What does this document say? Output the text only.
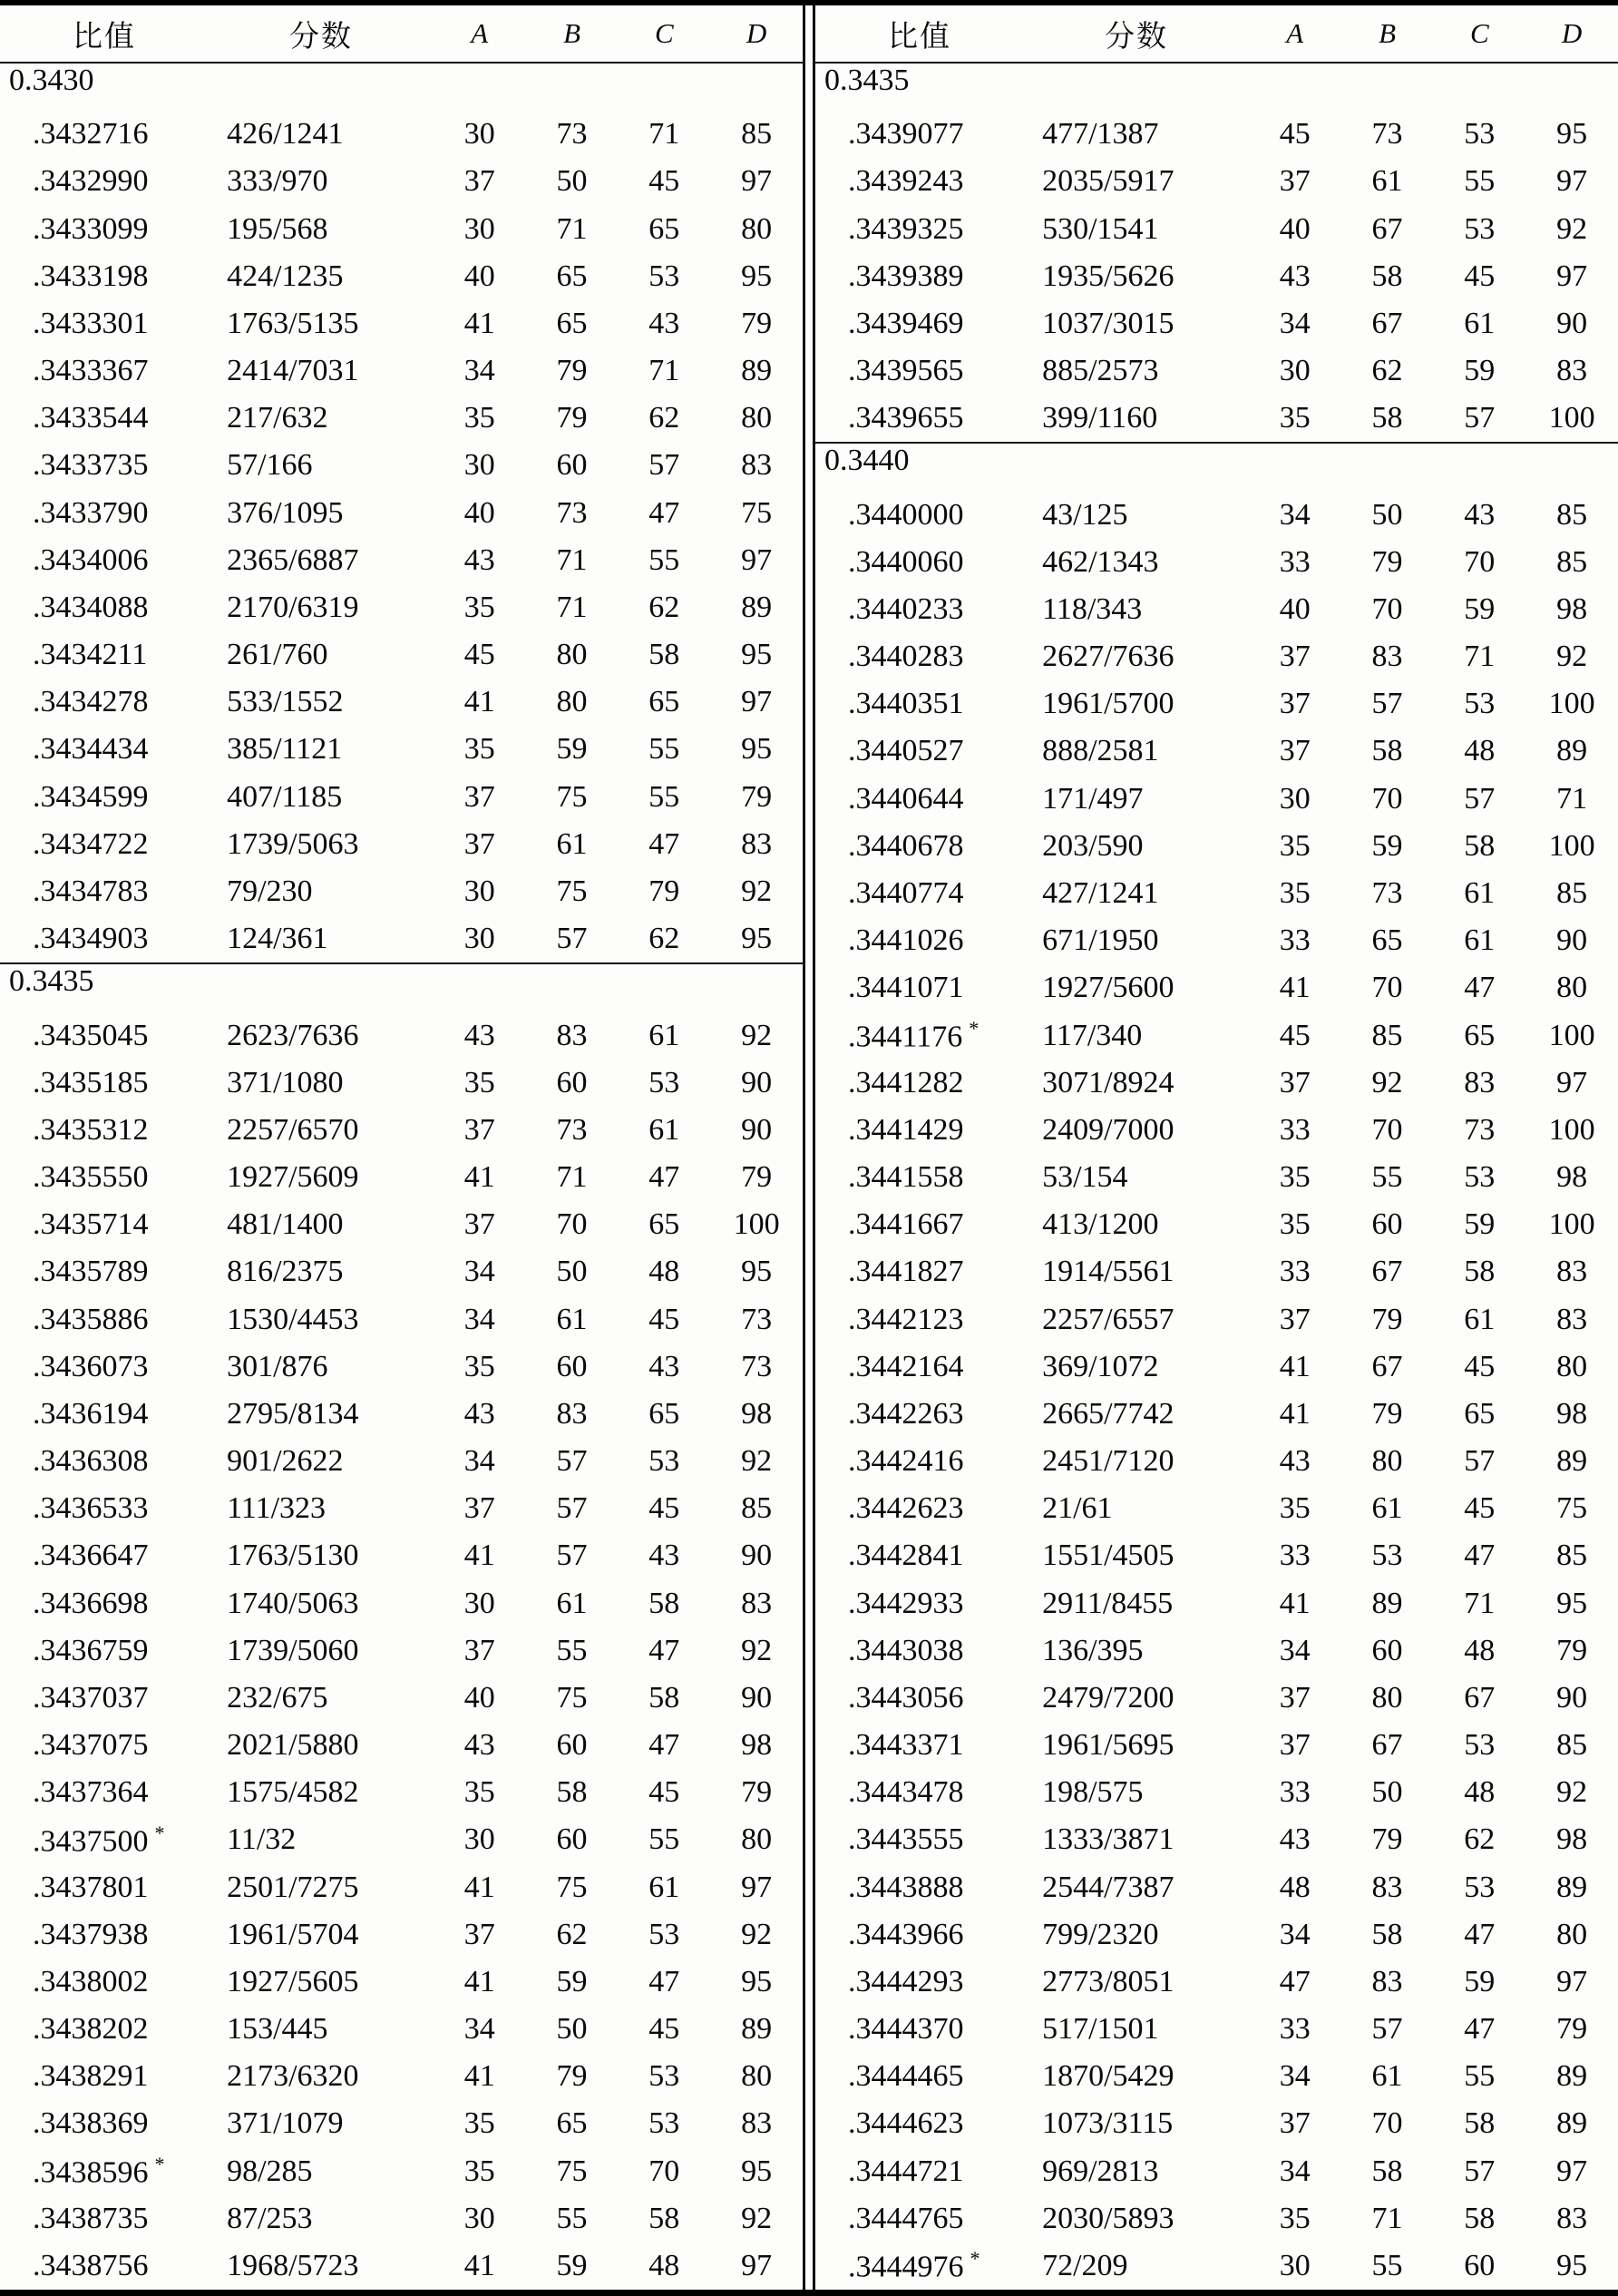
比值	分数	A	B	C	D
0.3430
.3432716	426/1241	30	73	71	85
.3432990	333/970	37	50	45	97
.3433099	195/568	30	71	65	80
.3433198	424/1235	40	65	53	95
.3433301	1763/5135	41	65	43	79
.3433367	2414/7031	34	79	71	89
.3433544	217/632	35	79	62	80
.3433735	57/166	30	60	57	83
.3433790	376/1095	40	73	47	75
.3434006	2365/6887	43	71	55	97
.3434088	2170/6319	35	71	62	89
.3434211	261/760	45	80	58	95
.3434278	533/1552	41	80	65	97
.3434434	385/1121	35	59	55	95
.3434599	407/1185	37	75	55	79
.3434722	1739/5063	37	61	47	83
.3434783	79/230	30	75	79	92
.3434903	124/361	30	57	62	95
0.3435
.3435045	2623/7636	43	83	61	92
.3435185	371/1080	35	60	53	90
.3435312	2257/6570	37	73	61	90
.3435550	1927/5609	41	71	47	79
.3435714	481/1400	37	70	65	100
.3435789	816/2375	34	50	48	95
.3435886	1530/4453	34	61	45	73
.3436073	301/876	35	60	43	73
.3436194	2795/8134	43	83	65	98
.3436308	901/2622	34	57	53	92
.3436533	111/323	37	57	45	85
.3436647	1763/5130	41	57	43	90
.3436698	1740/5063	30	61	58	83
.3436759	1739/5060	37	55	47	92
.3437037	232/675	40	75	58	90
.3437075	2021/5880	43	60	47	98
.3437364	1575/4582	35	58	45	79
.3437500 *	11/32	30	60	55	80
.3437801	2501/7275	41	75	61	97
.3437938	1961/5704	37	62	53	92
.3438002	1927/5605	41	59	47	95
.3438202	153/445	34	50	45	89
.3438291	2173/6320	41	79	53	80
.3438369	371/1079	35	65	53	83
.3438596 *	98/285	35	75	70	95
.3438735	87/253	30	55	58	92
.3438756	1968/5723	41	59	48	97
比值	分数	A	B	C	D
0.3435
.3439077	477/1387	45	73	53	95
.3439243	2035/5917	37	61	55	97
.3439325	530/1541	40	67	53	92
.3439389	1935/5626	43	58	45	97
.3439469	1037/3015	34	67	61	90
.3439565	885/2573	30	62	59	83
.3439655	399/1160	35	58	57	100
0.3440
.3440000	43/125	34	50	43	85
.3440060	462/1343	33	79	70	85
.3440233	118/343	40	70	59	98
.3440283	2627/7636	37	83	71	92
.3440351	1961/5700	37	57	53	100
.3440527	888/2581	37	58	48	89
.3440644	171/497	30	70	57	71
.3440678	203/590	35	59	58	100
.3440774	427/1241	35	73	61	85
.3441026	671/1950	33	65	61	90
.3441071	1927/5600	41	70	47	80
.3441176 *	117/340	45	85	65	100
.3441282	3071/8924	37	92	83	97
.3441429	2409/7000	33	70	73	100
.3441558	53/154	35	55	53	98
.3441667	413/1200	35	60	59	100
.3441827	1914/5561	33	67	58	83
.3442123	2257/6557	37	79	61	83
.3442164	369/1072	41	67	45	80
.3442263	2665/7742	41	79	65	98
.3442416	2451/7120	43	80	57	89
.3442623	21/61	35	61	45	75
.3442841	1551/4505	33	53	47	85
.3442933	2911/8455	41	89	71	95
.3443038	136/395	34	60	48	79
.3443056	2479/7200	37	80	67	90
.3443371	1961/5695	37	67	53	85
.3443478	198/575	33	50	48	92
.3443555	1333/3871	43	79	62	98
.3443888	2544/7387	48	83	53	89
.3443966	799/2320	34	58	47	80
.3444293	2773/8051	47	83	59	97
.3444370	517/1501	33	57	47	79
.3444465	1870/5429	34	61	55	89
.3444623	1073/3115	37	70	58	89
.3444721	969/2813	34	58	57	97
.3444765	2030/5893	35	71	58	83
.3444976 *	72/209	30	55	60	95
